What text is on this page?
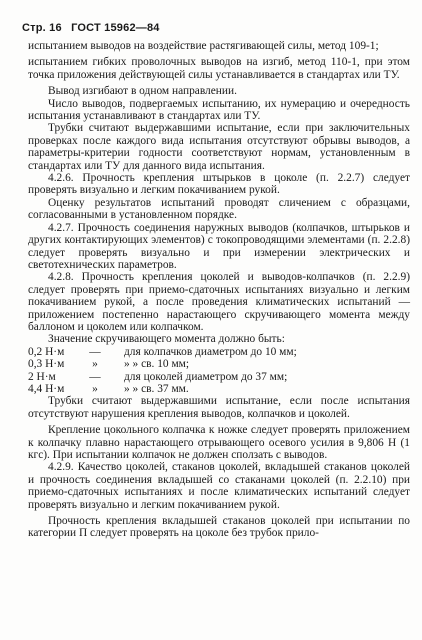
Стр. 16 ГОСТ 15962—84

испытанием выводов на воздействие растягивающей силы, метод 109-1;

испытанием гибких проволочных выводов на изгиб, метод 110-1, при этом точка приложения действующей силы устанавливается в стандартах или ТУ.

Вывод изгибают в одном направлении.

Число выводов, подвергаемых испытанию, их нумерацию и очередность испытания устанавливают в стандартах или ТУ.

Трубки считают выдержавшими испытание, если при заключительных проверках после каждого вида испытания отсутствуют обрывы выводов, а параметры-критерии годности соответствуют нормам, установленным в стандартах или ТУ для данного вида испытания.

4.2.6. Прочность крепления штырьков в цоколе (п. 2.2.7) следует проверять визуально и легким покачиванием рукой.

Оценку результатов испытаний проводят сличением с образцами, согласованными в установленном порядке.

4.2.7. Прочность соединения наружных выводов (колпачков, штырьков и других контактирующих элементов) с токопроводящими элементами (п. 2.2.8) следует проверять визуально и при измерении электрических и светотехнических параметров.

4.2.8. Прочность крепления цоколей и выводов-колпачков (п. 2.2.9) следует проверять при приемо-сдаточных испытаниях визуально и легким покачиванием рукой, а после проведения климатических испытаний — приложением постепенно нарастающего скручивающего момента между баллоном и цоколем или колпачком.

Значение скручивающего момента должно быть:

0,2 Н·м	—	для колпачков диаметром до 10 мм;
0,3 Н·м	»	» » св. 10 мм;
2 Н·м	—	для цоколей диаметром до 37 мм;
4,4 Н·м	»	» » св. 37 мм.

Трубки считают выдержавшими испытание, если после испытания отсутствуют нарушения крепления выводов, колпачков и цоколей.

Крепление цокольного колпачка к ножке следует проверять приложением к колпачку плавно нарастающего отрывающего осевого усилия в 9,806 Н (1 кгс). При испытании колпачок не должен сползать с выводов.

4.2.9. Качество цоколей, стаканов цоколей, вкладышей стаканов цоколей и прочность соединения вкладышей со стаканами цоколей (п. 2.2.10) при приемо-сдаточных испытаниях и после климатических испытаний следует проверять визуально и легким покачиванием рукой.

Прочность крепления вкладышей стаканов цоколей при испытании по категории П следует проверять на цоколе без трубок прило-
